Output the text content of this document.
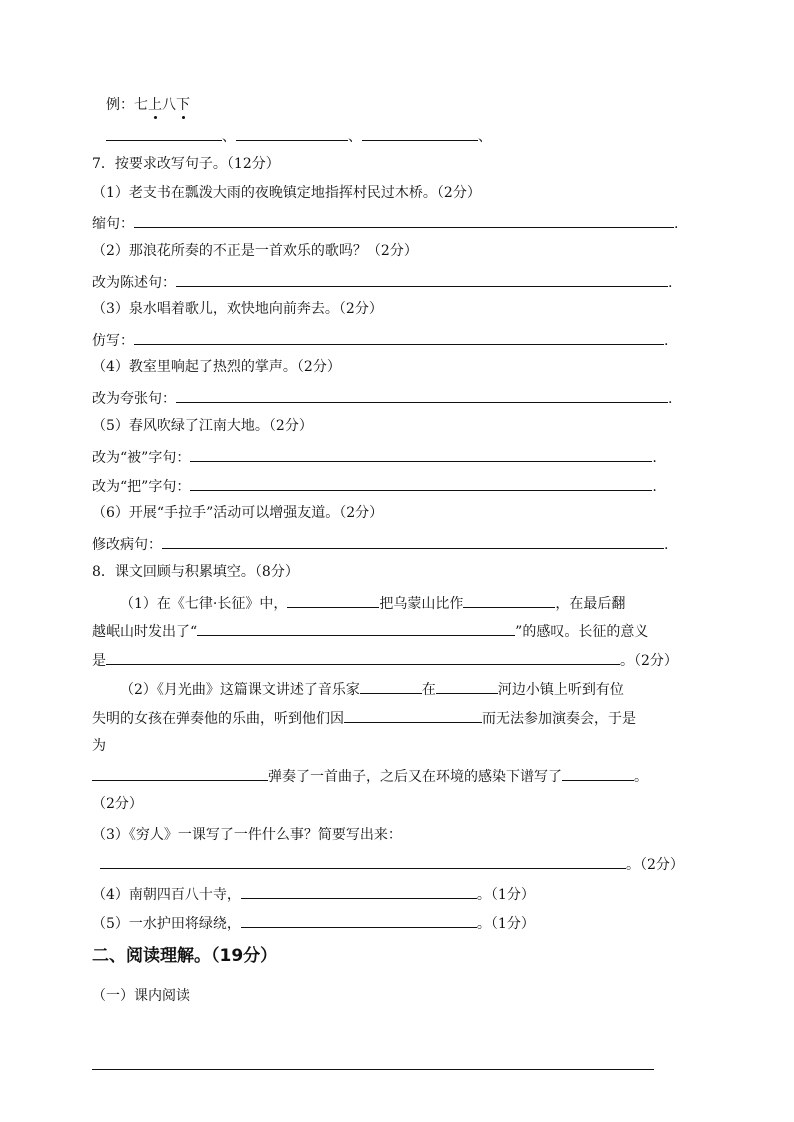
例：七上八下
、	、	、
7．按要求改写句子。（12分）
（1）老支书在瓢泼大雨的夜晚镇定地指挥村民过木桥。（2分）
缩句：	.
（2）那浪花所奏的不正是一首欢乐的歌吗？（2分）
改为陈述句：	.
（3）泉水唱着歌儿，欢快地向前奔去。（2分）
仿写：	.
（4）教室里响起了热烈的掌声。（2分）
改为夸张句：	.
（5）春风吹绿了江南大地。（2分）
改为“被”字句：	.
改为“把”字句：	.
（6）开展“手拉手”活动可以增强友道。（2分）
修改病句：	.
8．课文回顾与积累填空。（8分）
（1）在《七律·长征》中，	把乌蒙山比作	，在最后翻
越岷山时发出了“	”的感叹。长征的意义
是	。（2分）
（2）《月光曲》这篇课文讲述了音乐家	在	河边小镇上听到有位
失明的女孩在弹奏他的乐曲，听到他们因	而无法参加演奏会，于是
为
弹奏了一首曲子，之后又在环境的感染下谱写了	。
（2分）
（3）《穷人》一课写了一件什么事？简要写出来：
。（2分）
（4）南朝四百八十寺，	。（1分）
（5）一水护田将绿绕，	。（1分）
二、阅读理解。（19分）
（一）课内阅读
